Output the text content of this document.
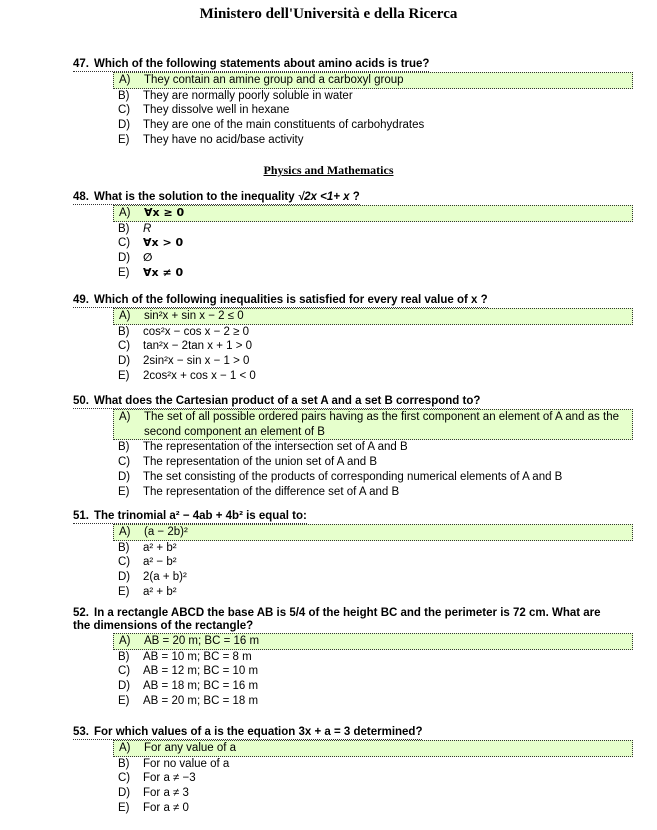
Ministero dell'Università e della Ricerca
47. Which of the following statements about amino acids is true?
A)	They contain an amine group and a carboxyl group
B)	They are normally poorly soluble in water
C)	They dissolve well in hexane
D)	They are one of the main constituents of carbohydrates
E)	They have no acid/base activity
Physics and Mathematics
48. What is the solution to the inequality √2x <1+ x ?
A)	∀x ≥ 0
B)	R
C)	∀x > 0
D)	∅
E)	∀x ≠ 0
49. Which of the following inequalities is satisfied for every real value of x ?
A)	sin²x + sin x − 2 ≤ 0
B)	cos²x − cos x − 2 ≥ 0
C)	tan²x − 2tan x + 1 > 0
D)	2sin²x − sin x − 1 > 0
E)	2cos²x + cos x − 1 < 0
50. What does the Cartesian product of a set A and a set B correspond to?
A)	The set of all possible ordered pairs having as the first component an element of A and as the second component an element of B
B)	The representation of the intersection set of A and B
C)	The representation of the union set of A and B
D)	The set consisting of the products of corresponding numerical elements of A and B
E)	The representation of the difference set of A and B
51. The trinomial a² − 4ab + 4b² is equal to:
A)	(a − 2b)²
B)	a² + b²
C)	a² − b²
D)	2(a + b)²
E)	a² + b²
52. In a rectangle ABCD the base AB is 5/4 of the height BC and the perimeter is 72 cm. What are the dimensions of the rectangle?
A)	AB = 20 m; BC = 16 m
B)	AB = 10 m; BC = 8 m
C)	AB = 12 m; BC = 10 m
D)	AB = 18 m; BC = 16 m
E)	AB = 20 m; BC = 18 m
53. For which values of a is the equation 3x + a = 3 determined?
A)	For any value of a
B)	For no value of a
C)	For a ≠ −3
D)	For a ≠ 3
E)	For a ≠ 0
